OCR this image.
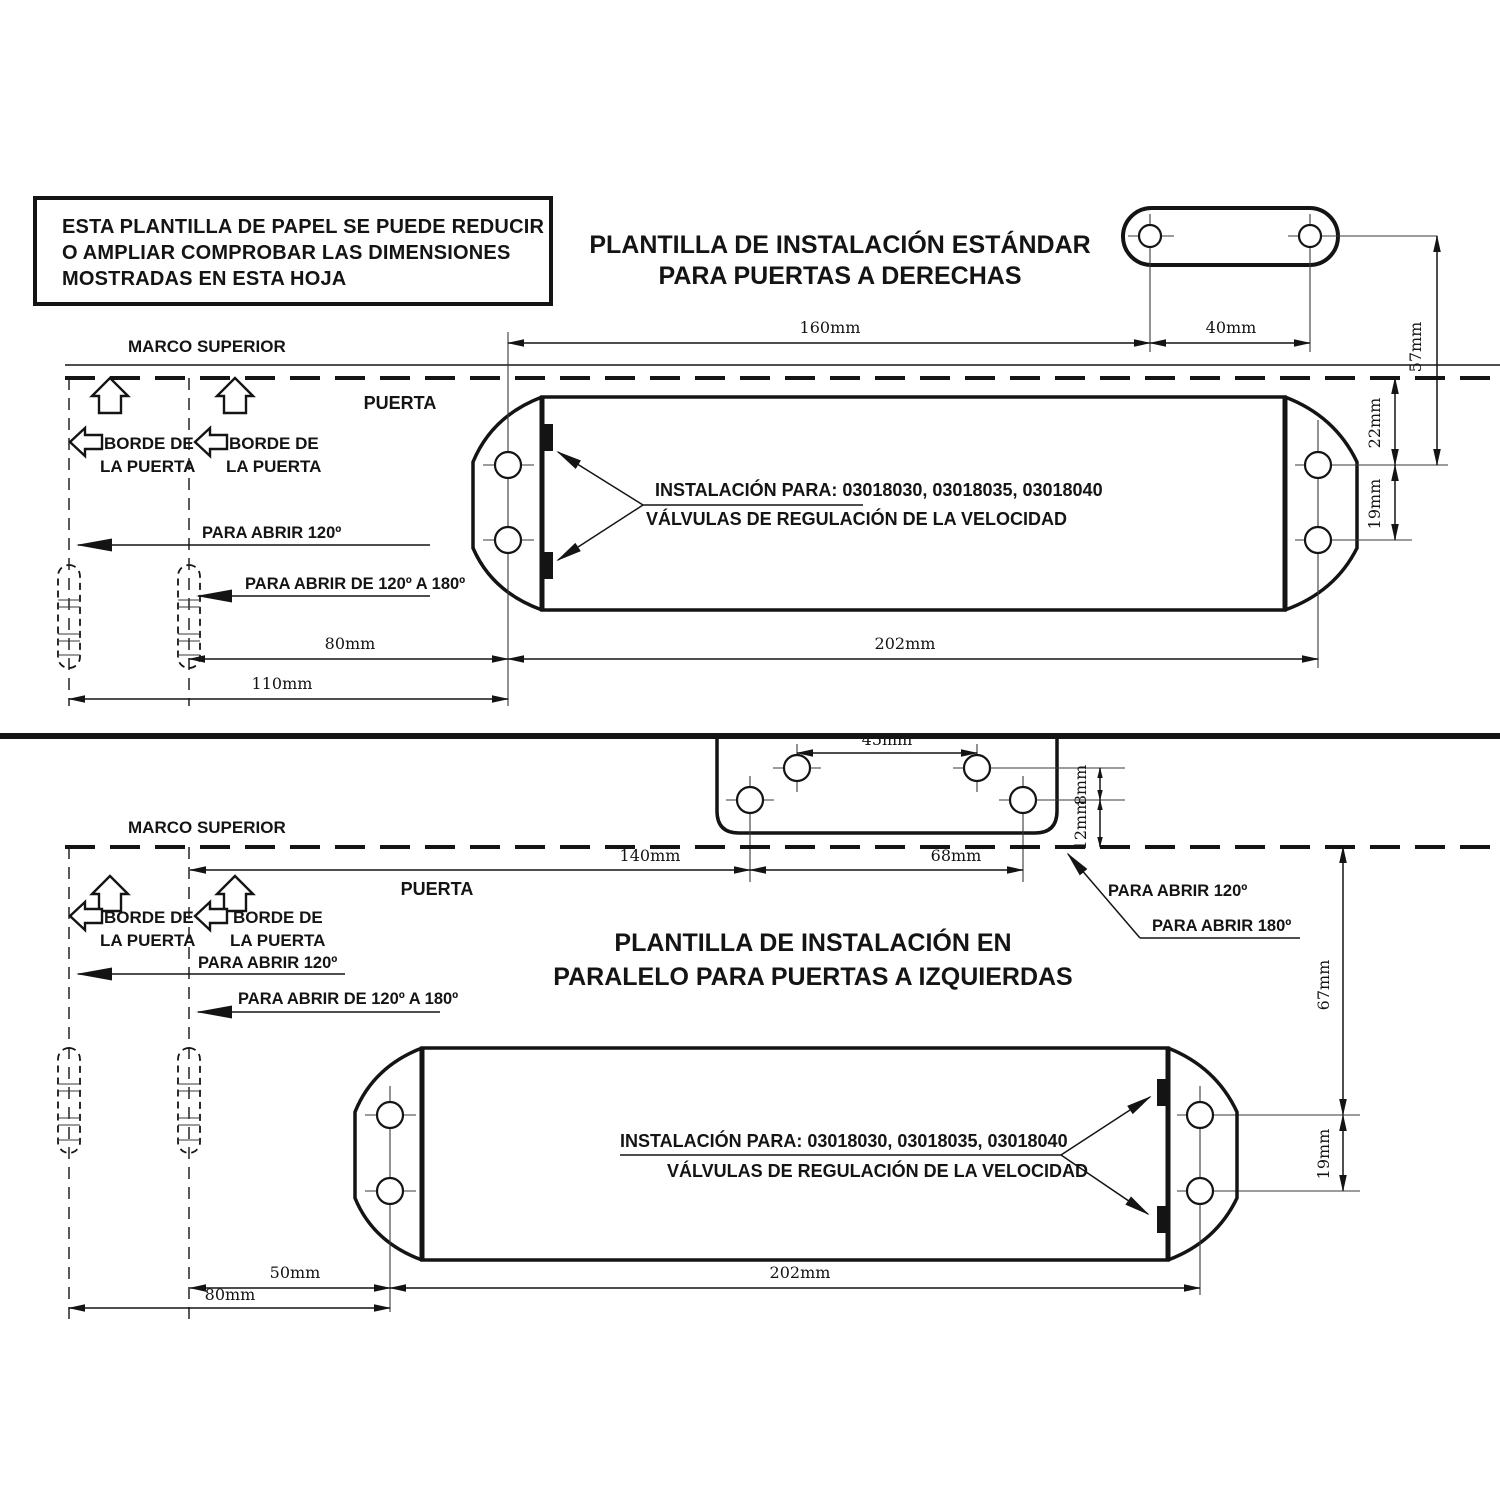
ESTA PLANTILLA DE PAPEL SE PUEDE REDUCIR
O AMPLIAR COMPROBAR LAS DIMENSIONES
MOSTRADAS EN ESTA HOJA
PLANTILLA DE INSTALACIÓN ESTÁNDAR
PARA PUERTAS A DERECHAS
MARCO SUPERIOR
PUERTA
BORDE DE
LA PUERTA
BORDE DE
LA PUERTA
PARA ABRIR 120º
PARA ABRIR DE 120º A 180º
INSTALACIÓN PARA: 03018030, 03018035, 03018040
VÁLVULAS DE REGULACIÓN DE LA VELOCIDAD
160mm	40mm	57mm
22mm
19mm
80mm	202mm
110mm
45mm
8mm
12mm
MARCO SUPERIOR
PUERTA
140mm	68mm
BORDE DE
LA PUERTA
BORDE DE
LA PUERTA
PARA ABRIR 120º
PARA ABRIR DE 120º A 180º
PLANTILLA DE INSTALACIÓN EN
PARALELO PARA PUERTAS A IZQUIERDAS
PARA ABRIR 120º
PARA ABRIR 180º
67mm
19mm
INSTALACIÓN PARA: 03018030, 03018035, 03018040
VÁLVULAS DE REGULACIÓN DE LA VELOCIDAD
50mm	202mm
80mm
